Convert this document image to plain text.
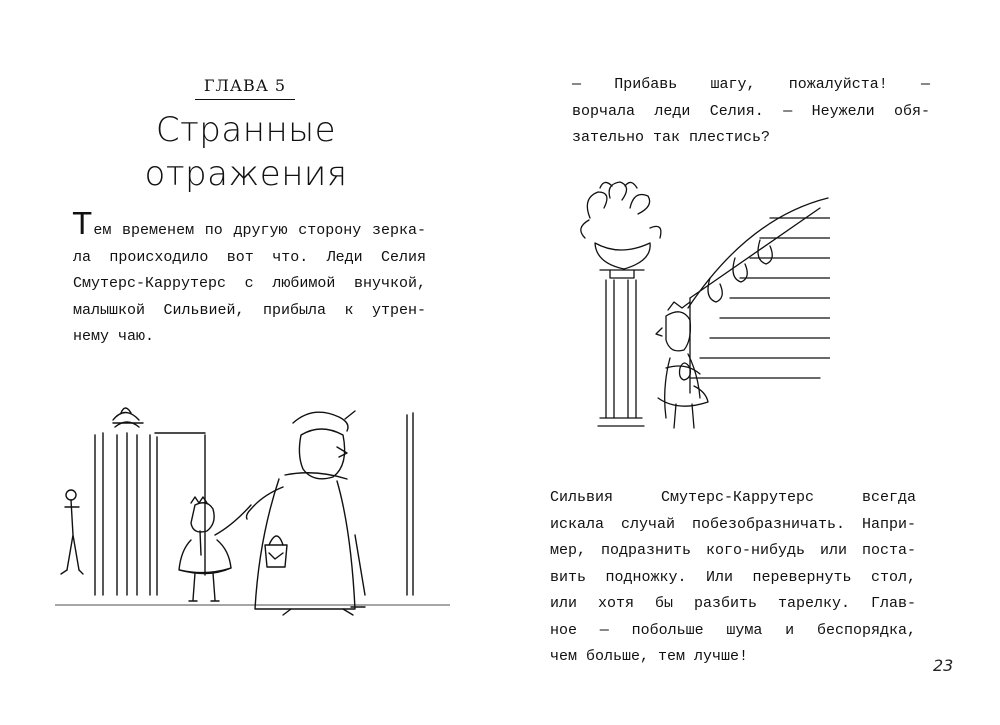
ГЛАВА 5
Странные
отражения
Тем временем по другую сторону зерка-
ла происходило вот что. Леди Селия
Смутерс-Каррутерс с любимой внучкой,
малышкой Сильвией, прибыла к утрен-
нему чаю.
— Прибавь шагу, пожалуйста! —
ворчала леди Селия. — Неужели обя-
зательно так плестись?
Сильвия Смутерс-Каррутерс всегда
искала случай побезобразничать. Напри-
мер, подразнить кого-нибудь или поста-
вить подножку. Или перевернуть стол,
или хотя бы разбить тарелку. Глав-
ное — побольше шума и беспорядка,
чем больше, тем лучше!	23
